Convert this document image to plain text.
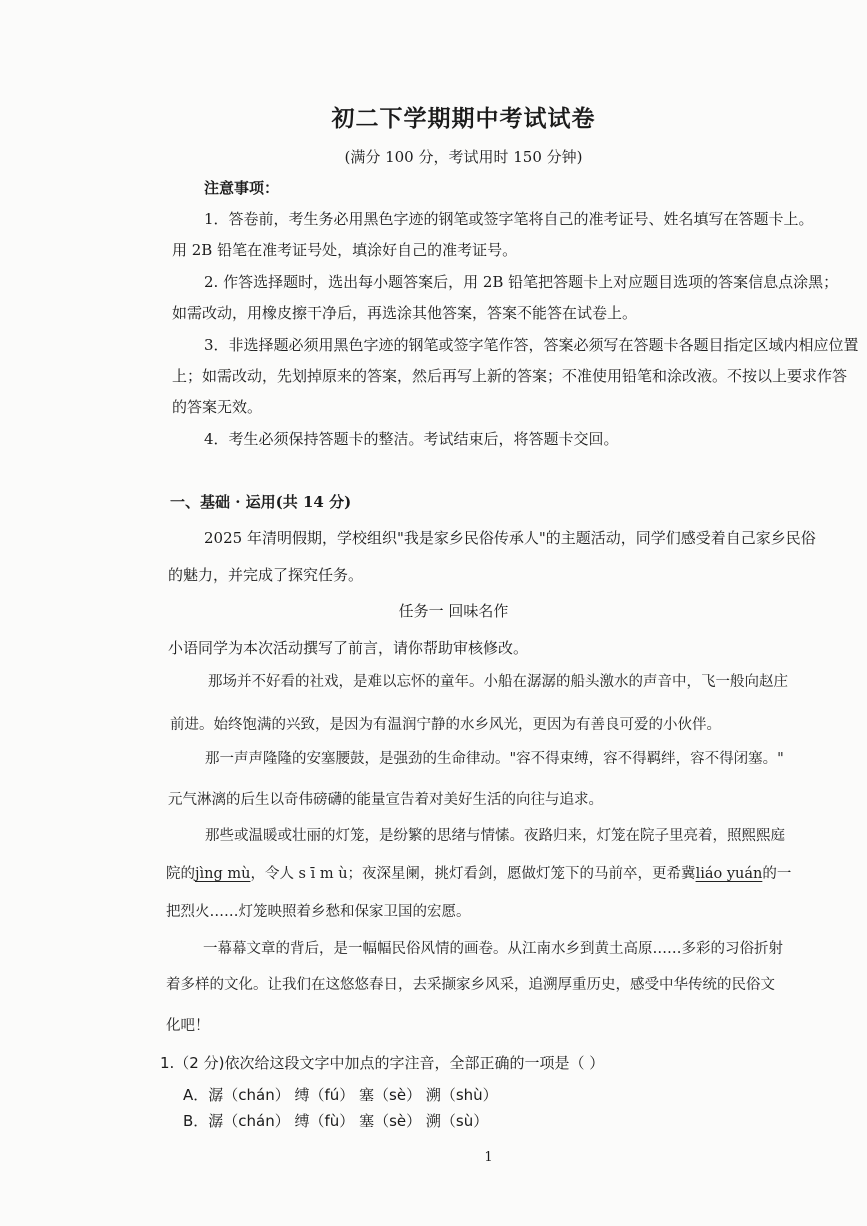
初二下学期期中考试试卷
(满分 100 分，考试用时 150 分钟)
注意事项：
1．答卷前，考生务必用黑色字迹的钢笔或签字笔将自己的准考证号、姓名填写在答题卡上。
用 2B 铅笔在准考证号处，填涂好自己的准考证号。
2. 作答选择题时，选出每小题答案后，用 2B 铅笔把答题卡上对应题目选项的答案信息点涂黑；
如需改动，用橡皮擦干净后，再选涂其他答案，答案不能答在试卷上。
3．非选择题必须用黑色字迹的钢笔或签字笔作答，答案必须写在答题卡各题目指定区域内相应位置
上；如需改动，先划掉原来的答案，然后再写上新的答案；不准使用铅笔和涂改液。不按以上要求作答
的答案无效。
4．考生必须保持答题卡的整洁。考试结束后，将答题卡交回。
一、基础 · 运用(共 14 分)
2025 年清明假期，学校组织"我是家乡民俗传承人"的主题活动，同学们感受着自己家乡民俗
的魅力，并完成了探究任务。
任务一 回味名作
小语同学为本次活动撰写了前言，请你帮助审核修改。
那场并不好看的社戏，是难以忘怀的童年。小船在潺潺的船头激水的声音中，飞一般向赵庄
前进。始终饱满的兴致，是因为有温润宁静的水乡风光，更因为有善良可爱的小伙伴。
那一声声隆隆的安塞腰鼓，是强劲的生命律动。"容不得束缚，容不得羁绊，容不得闭塞。"
元气淋漓的后生以奇伟磅礴的能量宣告着对美好生活的向往与追求。
那些或温暖或壮丽的灯笼，是纷繁的思绪与情愫。夜路归来，灯笼在院子里亮着，照熙熙庭
院的jìng mù，令人 s ī m ù；夜深星阑，挑灯看剑，愿做灯笼下的马前卒，更希冀liáo yuán的一
把烈火……灯笼映照着乡愁和保家卫国的宏愿。
一幕幕文章的背后，是一幅幅民俗风情的画卷。从江南水乡到黄土高原……多彩的习俗折射
着多样的文化。让我们在这悠悠春日，去采撷家乡风采，追溯厚重历史，感受中华传统的民俗文
化吧！
1.（2 分)依次给这段文字中加点的字注音，全部正确的一项是（ ）
A．潺（chán） 缚（fú） 塞（sè） 溯（shù）
B．潺（chán） 缚（fù） 塞（sè） 溯（sù）
1
